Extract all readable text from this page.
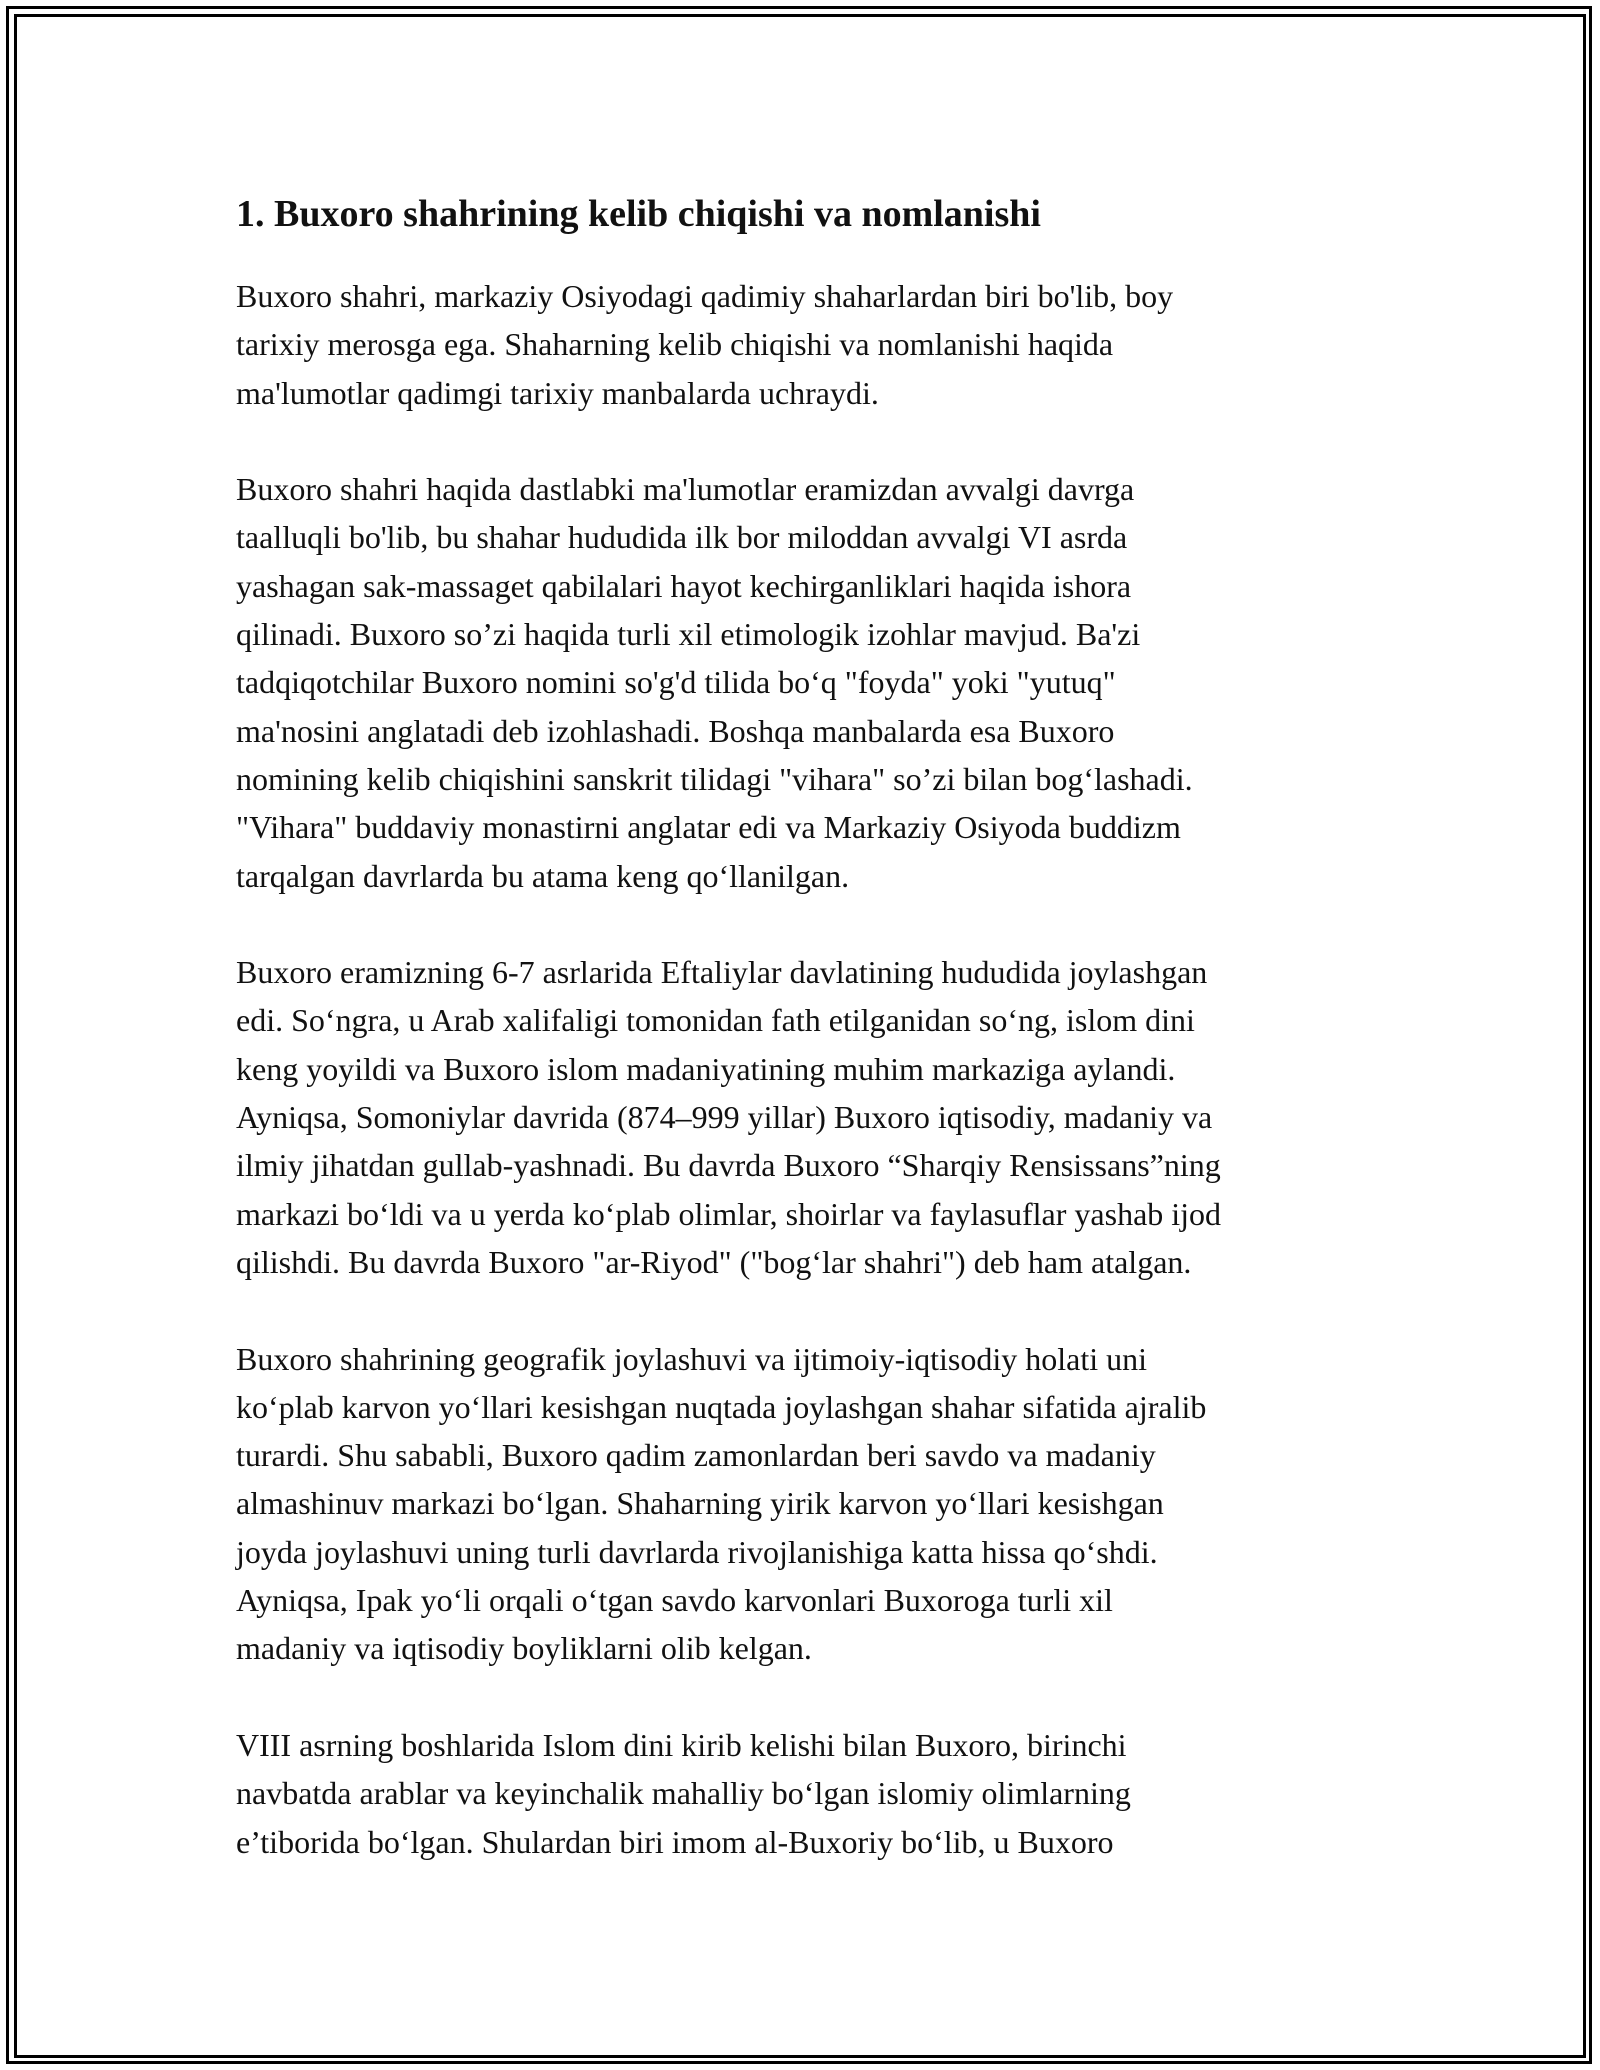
1. Buxoro shahrining kelib chiqishi va nomlanishi

Buxoro shahri, markaziy Osiyodagi qadimiy shaharlardan biri bo'lib, boy
tarixiy merosga ega. Shaharning kelib chiqishi va nomlanishi haqida
ma'lumotlar qadimgi tarixiy manbalarda uchraydi.

Buxoro shahri haqida dastlabki ma'lumotlar eramizdan avvalgi davrga
taalluqli bo'lib, bu shahar hududida ilk bor miloddan avvalgi VI asrda
yashagan sak-massaget qabilalari hayot kechirganliklari haqida ishora
qilinadi. Buxoro so’zi haqida turli xil etimologik izohlar mavjud. Ba'zi
tadqiqotchilar Buxoro nomini so'g'd tilida bo‘q "foyda" yoki "yutuq"
ma'nosini anglatadi deb izohlashadi. Boshqa manbalarda esa Buxoro
nomining kelib chiqishini sanskrit tilidagi "vihara" so’zi bilan bog‘lashadi.
"Vihara" buddaviy monastirni anglatar edi va Markaziy Osiyoda buddizm
tarqalgan davrlarda bu atama keng qo‘llanilgan.

Buxoro eramizning 6-7 asrlarida Eftaliylar davlatining hududida joylashgan
edi. So‘ngra, u Arab xalifaligi tomonidan fath etilganidan so‘ng, islom dini
keng yoyildi va Buxoro islom madaniyatining muhim markaziga aylandi.
Ayniqsa, Somoniylar davrida (874–999 yillar) Buxoro iqtisodiy, madaniy va
ilmiy jihatdan gullab-yashnadi. Bu davrda Buxoro “Sharqiy Rensissans”ning
markazi bo‘ldi va u yerda ko‘plab olimlar, shoirlar va faylasuflar yashab ijod
qilishdi. Bu davrda Buxoro "ar-Riyod" ("bog‘lar shahri") deb ham atalgan.

Buxoro shahrining geografik joylashuvi va ijtimoiy-iqtisodiy holati uni
ko‘plab karvon yo‘llari kesishgan nuqtada joylashgan shahar sifatida ajralib
turardi. Shu sababli, Buxoro qadim zamonlardan beri savdo va madaniy
almashinuv markazi bo‘lgan. Shaharning yirik karvon yo‘llari kesishgan
joyda joylashuvi uning turli davrlarda rivojlanishiga katta hissa qo‘shdi.
Ayniqsa, Ipak yo‘li orqali o‘tgan savdo karvonlari Buxoroga turli xil
madaniy va iqtisodiy boyliklarni olib kelgan.

VIII asrning boshlarida Islom dini kirib kelishi bilan Buxoro, birinchi
navbatda arablar va keyinchalik mahalliy bo‘lgan islomiy olimlarning
e’tiborida bo‘lgan. Shulardan biri imom al-Buxoriy bo‘lib, u Buxoro
